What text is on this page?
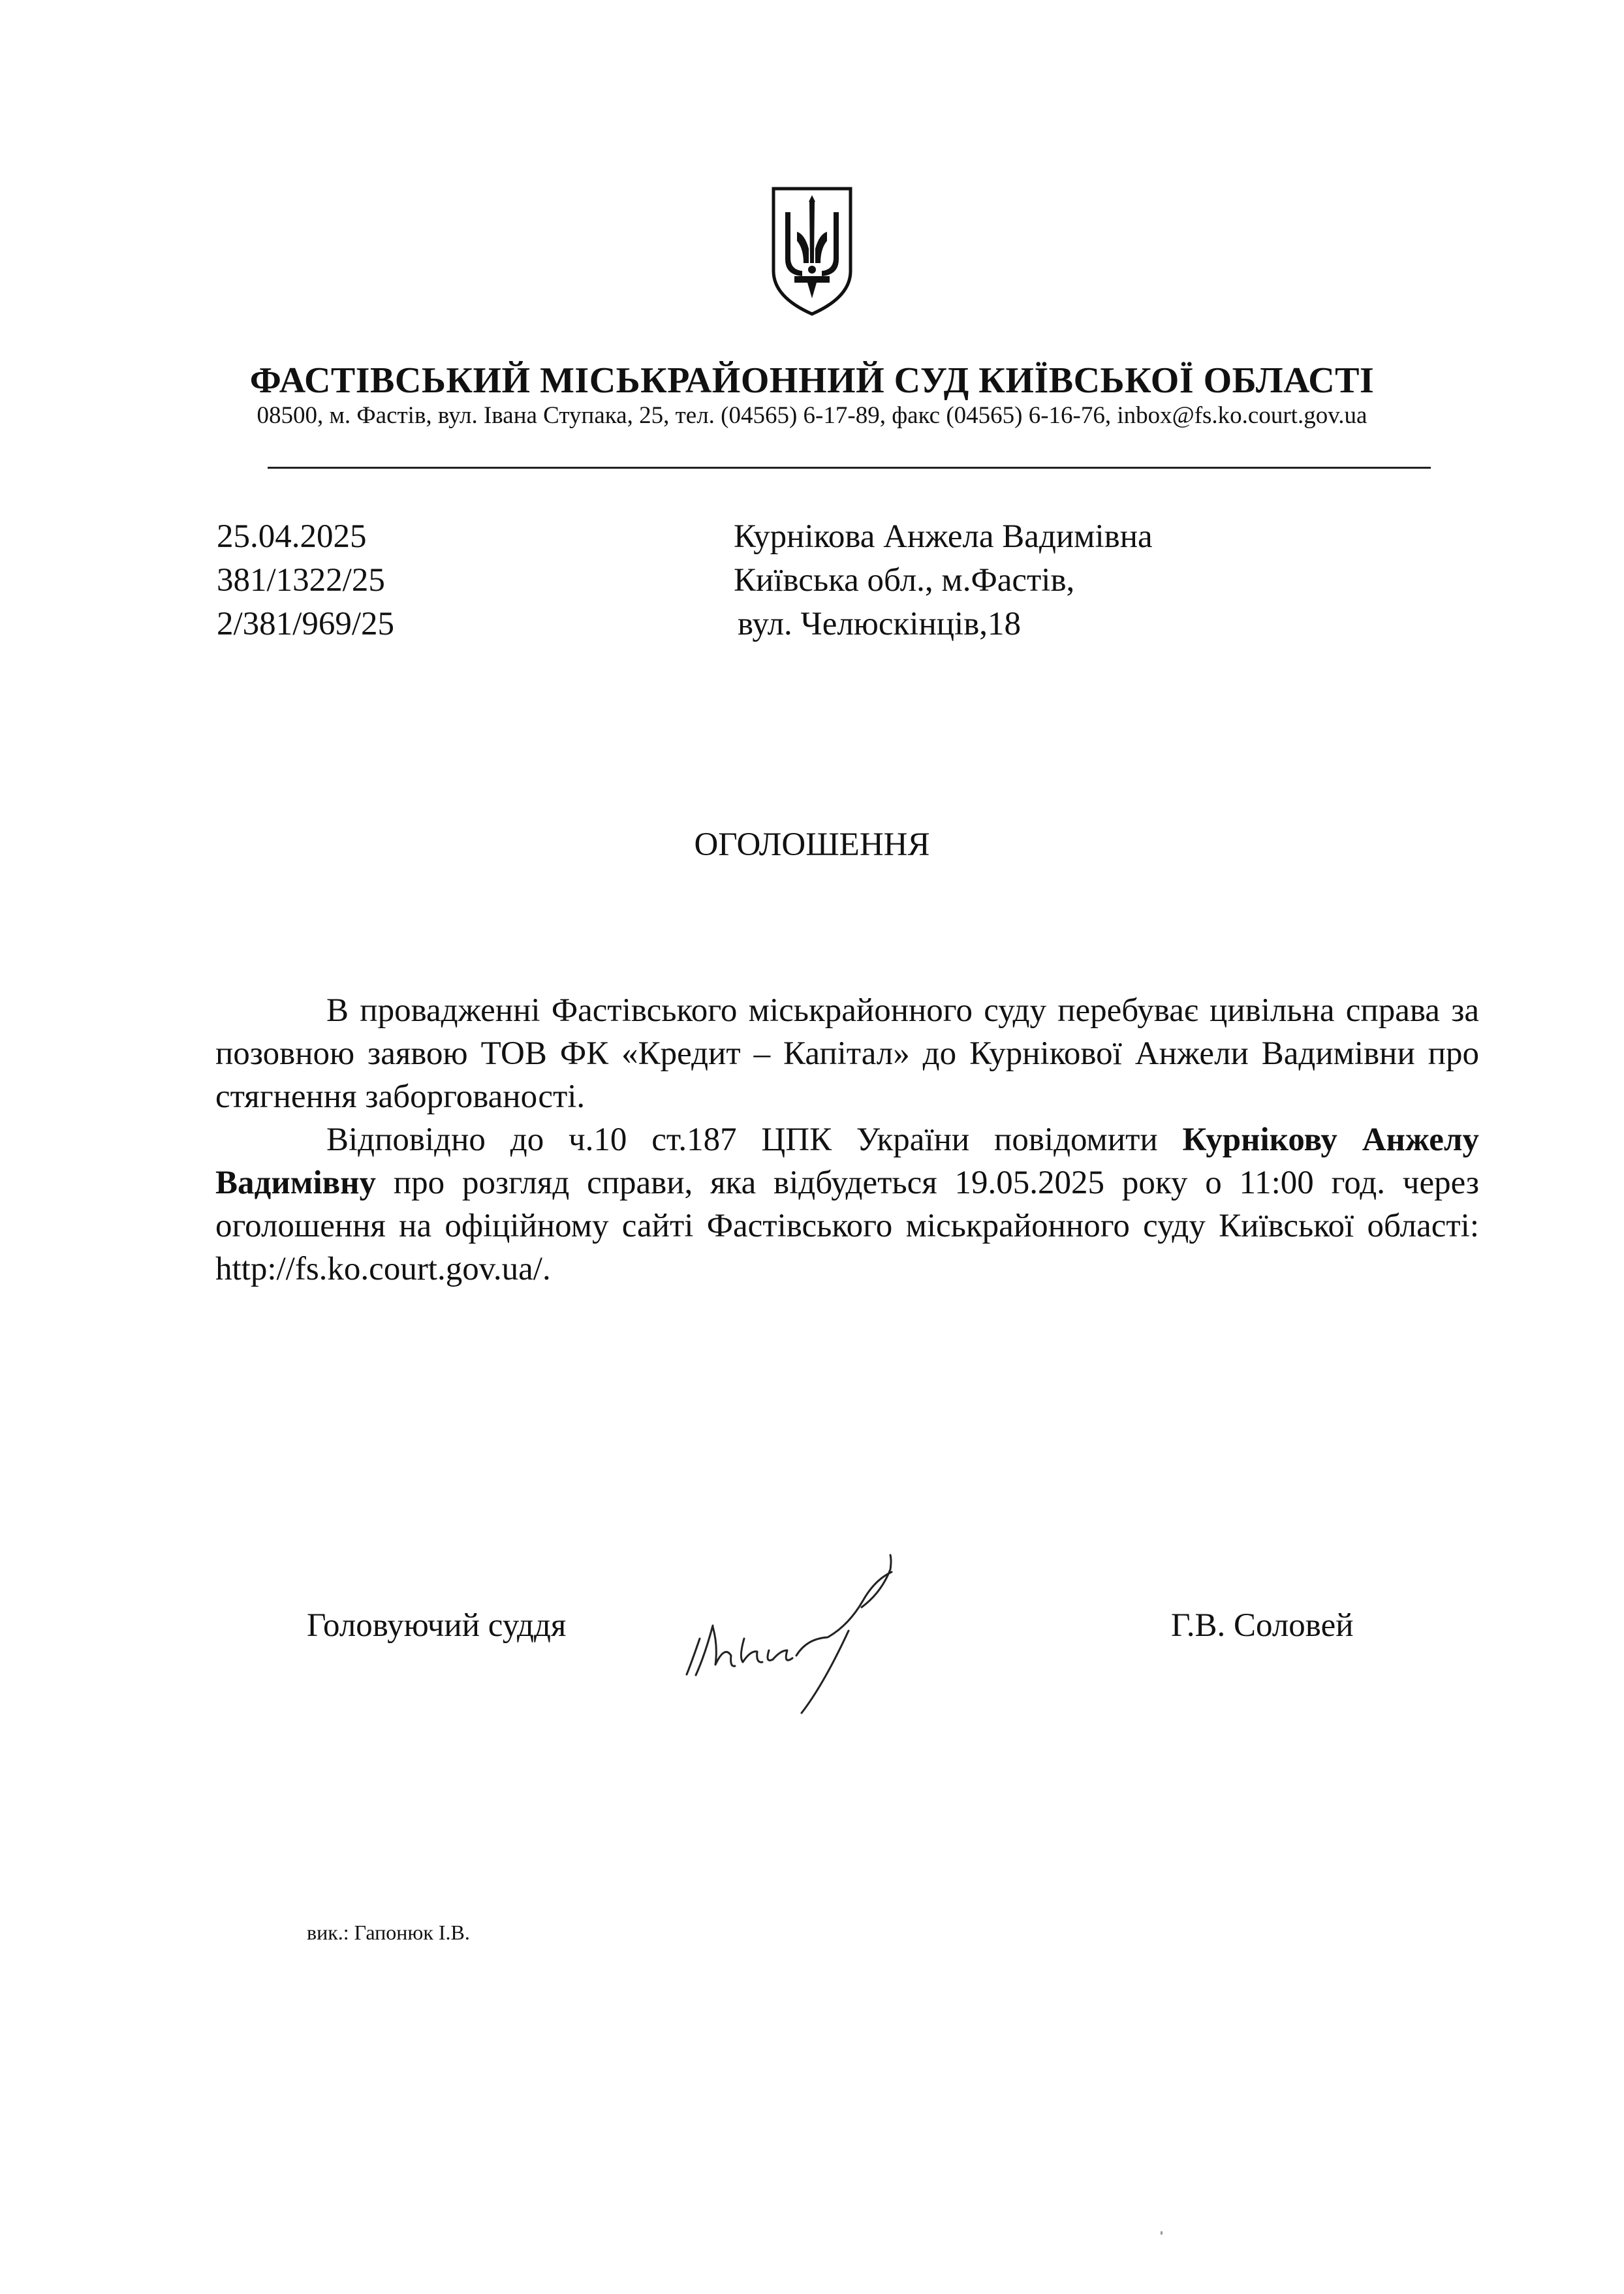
ФАСТІВСЬКИЙ МІСЬКРАЙОННИЙ СУД КИЇВСЬКОЇ ОБЛАСТІ
08500, м. Фастів, вул. Івана Ступака, 25, тел. (04565) 6-17-89, факс (04565) 6-16-76, inbox@fs.ko.court.gov.ua
25.04.2025
381/1322/25
2/381/969/25
Курнікова Анжела Вадимівна
Київська обл., м.Фастів,
вул. Челюскінців,18
ОГОЛОШЕННЯ

В провадженні Фастівського міськрайонного суду перебуває цивільна справа за позовною заявою ТОВ ФК «Кредит – Капітал» до Курнікової Анжели Вадимівни про стягнення заборгованості.

Відповідно до ч.10 ст.187 ЦПК України повідомити Курнікову Анжелу Вадимівну про розгляд справи, яка відбудеться 19.05.2025 року о 11:00 год. через оголошення на офіційному сайті Фастівського міськрайонного суду Київської області: http://fs.ko.court.gov.ua/.

Головуючий суддя	Г.В. Соловей
вик.: Гапонюк І.В.
